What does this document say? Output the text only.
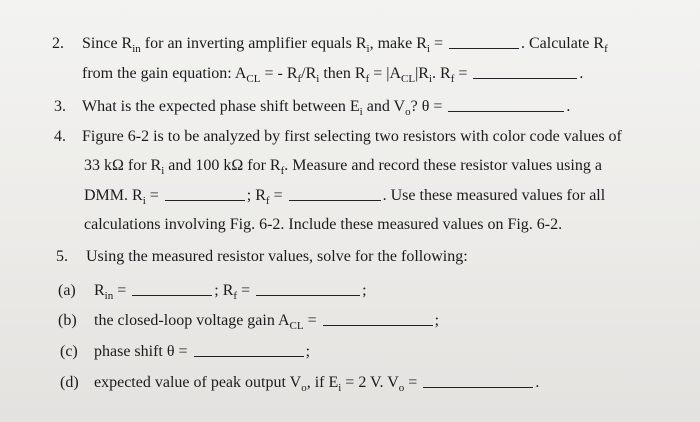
2. Since $R_{in}$ for an inverting amplifier equals $R_i$, make $R_i$ =	. Calculate $R_f$
from the gain equation: $A_{CL}$ = - $R_f/R_i$ then $R_f = |A_{CL}|R_i$. $R_f$ =	.
3. What is the expected phase shift between $E_i$ and $V_o$? θ =	.
4. Figure 6-2 is to be analyzed by first selecting two resistors with color code values of
33 kΩ for $R_i$ and 100 kΩ for $R_f$. Measure and record these resistor values using a
DMM. $R_i$ =	; $R_f$ =	. Use these measured values for all
calculations involving Fig. 6-2. Include these measured values on Fig. 6-2.
5. Using the measured resistor values, solve for the following:
(a) $R_{in}$ =	; $R_f$ =	;
(b) the closed-loop voltage gain $A_{CL}$ =	;
(c) phase shift θ =	;
(d) expected value of peak output $V_o$, if $E_i = 2$ V. $V_o$ =	.
